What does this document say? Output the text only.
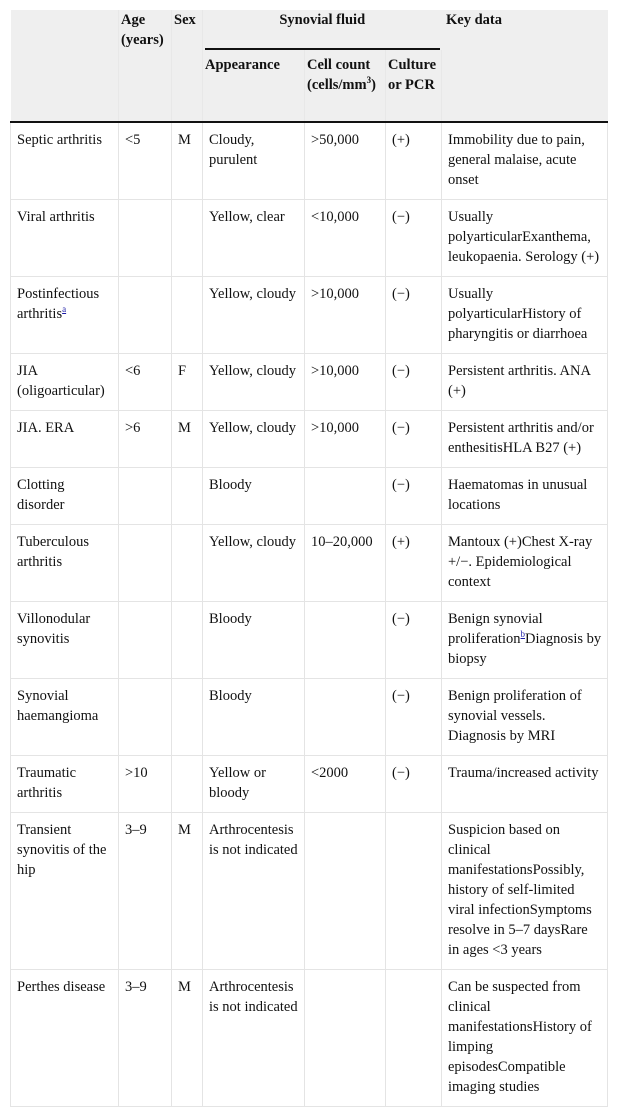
	Age (years)	Sex	Synovial fluid			Key data

			Appearance	Cell count $(cells/mm^3)$	Culture or PCR	
Septic arthritis	<5	M	Cloudy, purulent	>50,000	(+)	Immobility due to pain, general malaise, acute onset
Viral arthritis			Yellow, clear	<10,000	(−)	Usually polyarticularExanthema, leukopaenia. Serology (+)
Postinfectious arthritis$^a$			Yellow, cloudy	>10,000	(−)	Usually polyarticularHistory of pharyngitis or diarrhoea
JIA (oligoarticular)	<6	F	Yellow, cloudy	>10,000	(−)	Persistent arthritis. ANA (+)
JIA. ERA	>6	M	Yellow, cloudy	>10,000	(−)	Persistent arthritis and/or enthesitisHLA B27 (+)
Clotting disorder			Bloody		(−)	Haematomas in unusual locations
Tuberculous arthritis			Yellow, cloudy	10–20,000	(+)	Mantoux (+)Chest X-ray +/−. Epidemiological context
Villonodular synovitis			Bloody		(−)	Benign synovial proliferation$^b$Diagnosis by biopsy
Synovial haemangioma			Bloody		(−)	Benign proliferation of synovial vessels. Diagnosis by MRI
Traumatic arthritis	>10		Yellow or bloody	<2000	(−)	Trauma/increased activity
Transient synovitis of the hip	3–9	M	Arthrocentesis is not indicated			Suspicion based on clinical manifestationsPossibly, history of self-limited viral infectionSymptoms resolve in 5–7 daysRare in ages <3 years
Perthes disease	3–9	M	Arthrocentesis is not indicated			Can be suspected from clinical manifestationsHistory of limping episodesCompatible imaging studies
